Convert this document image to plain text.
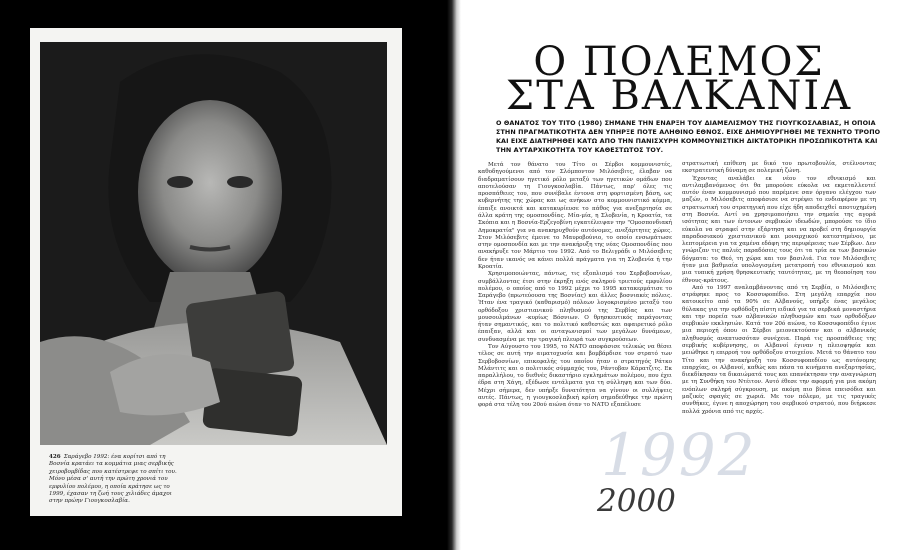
426 Σαράγεβο 1992: ένα κορίτσι από τη Βοσνία κρατάει τα κομμάτια μιας σερβικής χειροβομβίδας που κατέστρεψε το σπίτι του. Μόνο μέσα σ' αυτή την πρώτη χρονιά του εμφυλίου πολέμου, η οποία κράτησε ως το 1999, έχασαν τη ζωή τους χιλιάδες άμαχοι στην πρώην Γιουγκοσλαβία.
Ο ΠΟΛΕΜΟΣ
ΣΤΑ ΒΑΛΚΑΝΙΑ

Ο ΘΑΝΑΤΟΣ ΤΟΥ ΤΙΤΟ (1980) ΣΗΜΑΝΕ ΤΗΝ ΕΝΑΡΞΗ ΤΟΥ ΔΙΑΜΕΛΙΣΜΟΥ ΤΗΣ ΓΙΟΥΓΚΟΣΛΑΒΙΑΣ, Η ΟΠΟΙΑ ΣΤΗΝ ΠΡΑΓΜΑΤΙΚΟΤΗΤΑ ΔΕΝ ΥΠΗΡΞΕ ΠΟΤΕ ΑΛΗΘΙΝΟ ΕΘΝΟΣ. ΕΙΧΕ ΔΗΜΙΟΥΡΓΗΘΕΙ ΜΕ ΤΕΧΝΗΤΟ ΤΡΟΠΟ ΚΑΙ ΕΙΧΕ ΔΙΑΤΗΡΗΘΕΙ ΚΑΤΩ ΑΠΟ ΤΗΝ ΠΑΝΙΣΧΥΡΗ ΚΟΜΜΟΥΝΙΣΤΙΚΗ ΔΙΚΤΑΤΟΡΙΚΗ ΠΡΟΣΩΠΙΚΟΤΗΤΑ ΚΑΙ ΤΗΝ ΑΥΤΑΡΧΙΚΟΤΗΤΑ ΤΟΥ ΚΑΘΕΣΤΩΤΟΣ ΤΟΥ.

Μετά τον θάνατο του Τίτο οι Σέρβοι κομμουνιστές, καθοδηγούμενοι από τον Σλόμποντον Μιλόσεβιτς, έλαβαν να διαδραματίσουν ηγετικό ρόλο μεταξύ των ηγετικών ομάδων που αποτελούσαν τη Γιουγκοσλαβία. Πάντως, παρ' όλες τις προσπάθειες του, που συνέβαλε έντονα στη φορτισμένη βάση, ως κυβερνήτης της χώρας και ως ανήκων στο κομμουνιστικό κόμμα, έπαιξε ανοικτά και κατακυρίευσε το πάθος για ανεξαρτησία σε άλλα κράτη της ομοσπονδίας. Μία-μία, η Σλοβενία, η Κροατία, τα Σκόπια και η Βοσνία-Ερζεγοβίνη εγκατέλειψαν την "Ομοσπονδιακή Δημοκρατία" για να ανακηρυχθούν αυτόνομες, ανεξάρτητες χώρες. Στον Μιλόσεβιτς έμεινε το Μαυροβούνιο, το οποίο ενσωμάτωσε στην ομοσπονδία και με την ανακήρυξη της νέας Ομοσπονδίας που ανακήρυξε τον Μάρτιο του 1992. Από το Βελιγράδι ο Μιλόσεβιτς δεν ήταν ικανός να κάνει πολλά πράγματα για τη Σλοβενία ή την Κροατία.

Χρησιμοποιώντας, πάντως, τις εξοπλισμό του Σερβοβοσνίων, συμβάλλοντας έτσι στην έκρηξη ενός σκληρού τριετούς εμφυλίου πολέμου, ο οποίος από το 1992 μέχρι το 1995 κατακερμάτισε το Σαράγεβο (πρωτεύουσα της Βοσνίας) και άλλες βοσνιακές πόλεις. Ήταν ένα τραγικό (καθαρισμό) πόλεων λογοκρισμένο μεταξύ του ορθόδοξου χριστιανικού πληθυσμού της Σερβίας και των μουσουλμάνων -κυρίως Βόσνιων. Ο θρησκευτικός παράγοντας ήταν σημαντικός, και το πολιτικό καθεστώς και αφαιρετικό ρόλο έπαιξαν, αλλά και οι ανταγωνισμοί των μεγάλων δυνάμεων, συνδυασμένα με την τραγική πλευρά των συγκρούσεων.

Τον Αύγουστο του 1995, το ΝΑΤΟ αποφάσισε τελικώς να θέσει τέλος σε αυτή την αιματοχυσία και βομβάρδισε τον στρατό των Σερβοβοσνίων, επικεφαλής του οποίου ήταν ο στρατηγός Ράτκο Μλάντιτς και ο πολιτικός σύμμαχός του, Ράντοβαν Κάρατζιτς. Εκ παραλλήλου, το διεθνές δικαστήριο εγκλημάτων πολέμου, που έχει έδρα στη Χάγη, εξέδωσε εντάλματα για τη σύλληψη και των δύο. Μέχρι σήμερα, δεν υπήρξε δυνατότητα να γίνουν οι συλλήψεις αυτές. Πάντως, η γιουγκοσλαβική κρίση σημαδεύθηκε την πρώτη φορά στα τέλη του 20ού αιώνα όταν το ΝΑΤΟ εξαπέλυσε

στρατιωτική επίθεση με δικό του πρωτοβουλία, στέλνοντας εκστρατευτική δύναμη σε πολεμική ζώνη.

Έχοντας αναλάβει εκ νέου τον εθνικισμό και αντιλαμβανόμενος ότι θα μπορούσε εύκολα να εκμεταλλευτεί αυτόν έναν κομμουνισμό που παρέμενε σαν όργανο ελέγχου των μαζών, ο Μιλόσεβιτς αποφάσισε να στρέψει το ενδιαφέρον με τη στρατιωτική του στρατηγική που είχε ήδη αποδειχθεί αποτυχημένη στη Βοσνία. Αντί να χρησιμοποιήσει την σημαία της αγορά ισότητας και των έντονων σερβικών ιδεωδών, μπορούσε το ίδιο εύκολα να στραφεί στην εξάρτηση και να προβεί στη δημιουργία παραδοσιακού χριστιανικού και μοναρχικού κατεστημένου, με λεπτομέρεια για τα χαμένα εδάφη της περιφέρειας των Σέρβων. Δεν γνώριζαν τις παλιές παραδόσεις τους ότι τα τρία εκ των βασικών δόγματα: το Θεό, τη χώρα και τον βασιλιά. Για τον Μιλόσεβιτς ήταν μια βαθμιαία υπολογισμένη μετατροπή του εθνικισμού και μια τυπική χρήση θρησκευτικής ταυτότητας, με τη θεοποίηση του έθνους-κράτους.

Από το 1997 αναλαμβάνοντας από τη Σερβία, ο Μιλόσεβιτς στράφηκε προς το Κοσσυφοπέδιο. Στη μεγάλη επαρχία που κατοικείτο από τα 90% σε Αλβανούς, υπήρξε ένας μεγάλος θύλακας για την ορθόδοξη πίστη ειδικά για τα σερβικά μοναστήρια και την πορεία των αλβανικών πληθυσμών και των ορθοδόξων σερβικών εκκλησιών. Κατά τον 20ό αιώνα, το Κοσσυφοπέδιο έγινε μια περιοχή όπου οι Σέρβοι μειονεκτούσαν και ο αλβανικός πληθυσμός αναπτυσσόταν συνέχεια. Παρά τις προσπάθειες της σερβικής κυβέρνησης, οι Αλβανοί έγιναν η πλειοψηφία και μειώθηκε η επιρροή του ορθόδοξου στοιχείου. Μετά το θάνατο του Τίτο και την ανακήρυξη του Κοσσυφοπεδίου ως αυτόνομης επαρχίας, οι Αλβανοί, καθώς και πάσα τα κινήματα ανεξαρτησίας, διεκδίκησαν τα δικαιώματά τους και επανέκτησαν την αναγνώριση με τη Συνθήκη του Ντέιτον. Αυτό έθεσε την αφορμή για μια ακόμη ενόπλων σκληρή σύγκρουση, με ακόμη πιο βίαια επεισόδια και μαζικές σφαγές σε χωριά. Με τον πόλεμο, με τις τραγικές συνθήκες, έγινε η αποχώρηση του σερβικού στρατού, που διήρκεσε πολλά χρόνια από τις αρχές.

1992
2000
